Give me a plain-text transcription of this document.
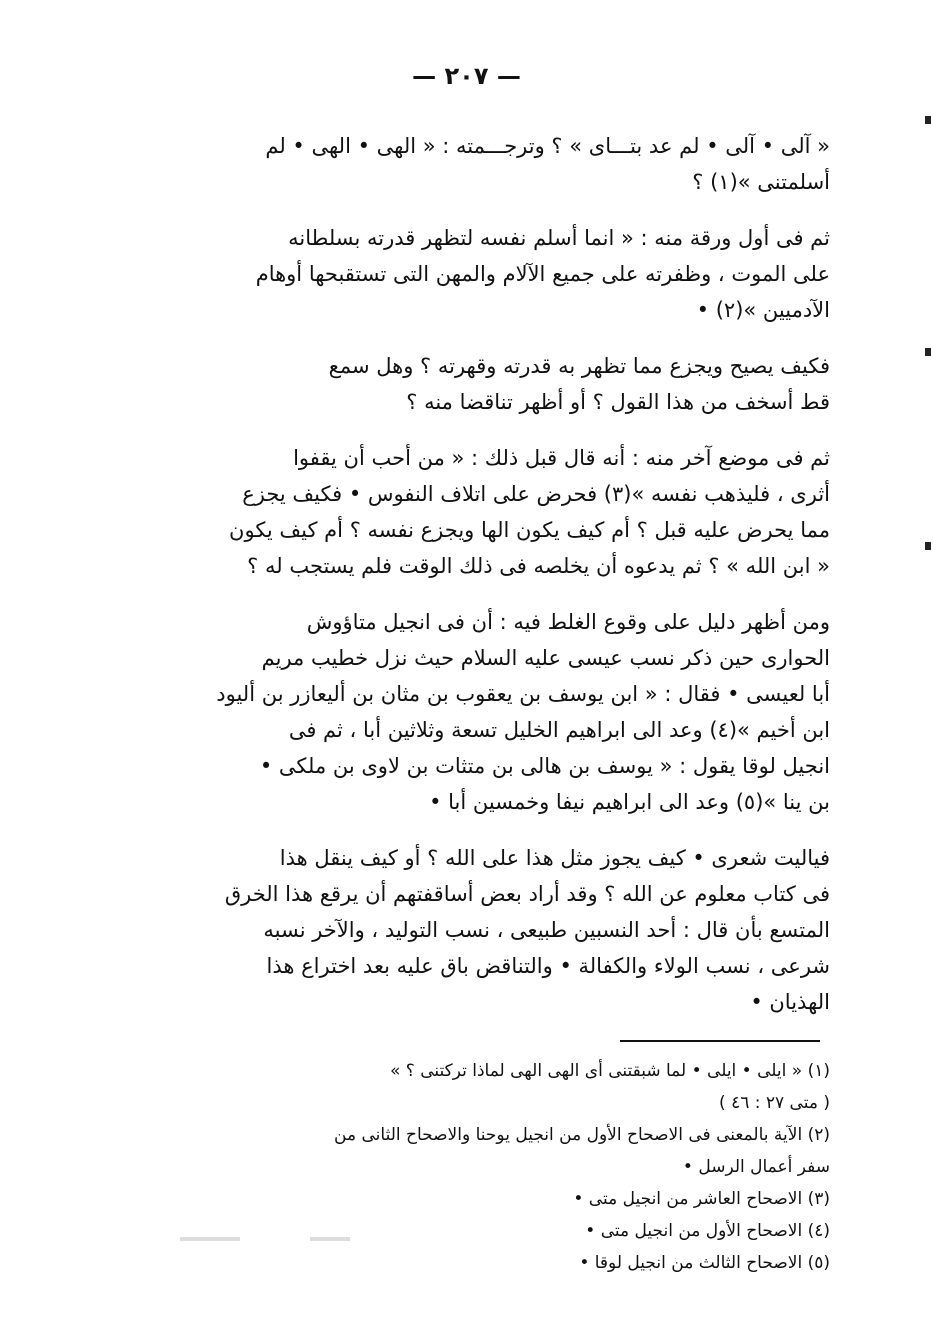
— ٢٠٧ —
« آلى • آلى • لم عد بتـــاى » ؟ وترجـــمته : « الهى • الهى • لم
أسلمتنى »(١) ؟
ثم فى أول ورقة منه : « انما أسلم نفسه لتظهر قدرته بسلطانه
على الموت ، وظفرته على جميع الآلام والمهن التى تستقبحها أوهام
الآدميين »(٢) •
فكيف يصيح ويجزع مما تظهر به قدرته وقهرته ؟ وهل سمع
قط أسخف من هذا القول ؟ أو أظهر تناقضا منه ؟
ثم فى موضع آخر منه : أنه قال قبل ذلك : « من أحب أن يقفوا
أثرى ، فليذهب نفسه »(٣) فحرض على اتلاف النفوس • فكيف يجزع
مما يحرض عليه قبل ؟ أم كيف يكون الها ويجزع نفسه ؟ أم كيف يكون
« ابن الله » ؟ ثم يدعوه أن يخلصه فى ذلك الوقت فلم يستجب له ؟
ومن أظهر دليل على وقوع الغلط فيه : أن فى انجيل متاؤوش
الحوارى حين ذكر نسب عيسى عليه السلام حيث نزل خطيب مريم
أبا لعيسى • فقال : « ابن يوسف بن يعقوب بن مثان بن أليعازر بن أليود
ابن أخيم »(٤) وعد الى ابراهيم الخليل تسعة وثلاثين أبا ، ثم فى
انجيل لوقا يقول : « يوسف بن هالى بن متثات بن لاوى بن ملكى •
بن ينا »(٥) وعد الى ابراهيم نيفا وخمسين أبا •
فياليت شعرى • كيف يجوز مثل هذا على الله ؟ أو كيف ينقل هذا
فى كتاب معلوم عن الله ؟ وقد أراد بعض أساقفتهم أن يرقع هذا الخرق
المتسع بأن قال : أحد النسبين طبيعى ، نسب التوليد ، والآخر نسبه
شرعى ، نسب الولاء والكفالة • والتناقض باق عليه بعد اختراع هذا
الهذيان •
(١) « ايلى • ايلى • لما شبقتنى أى الهى الهى لماذا تركتنى ؟ »
( متى ٢٧ : ٤٦ )
(٢) الآية بالمعنى فى الاصحاح الأول من انجيل يوحنا والاصحاح الثانى من
سفر أعمال الرسل •
(٣) الاصحاح العاشر من انجيل متى •
(٤) الاصحاح الأول من انجيل متى •
(٥) الاصحاح الثالث من انجيل لوقا •
